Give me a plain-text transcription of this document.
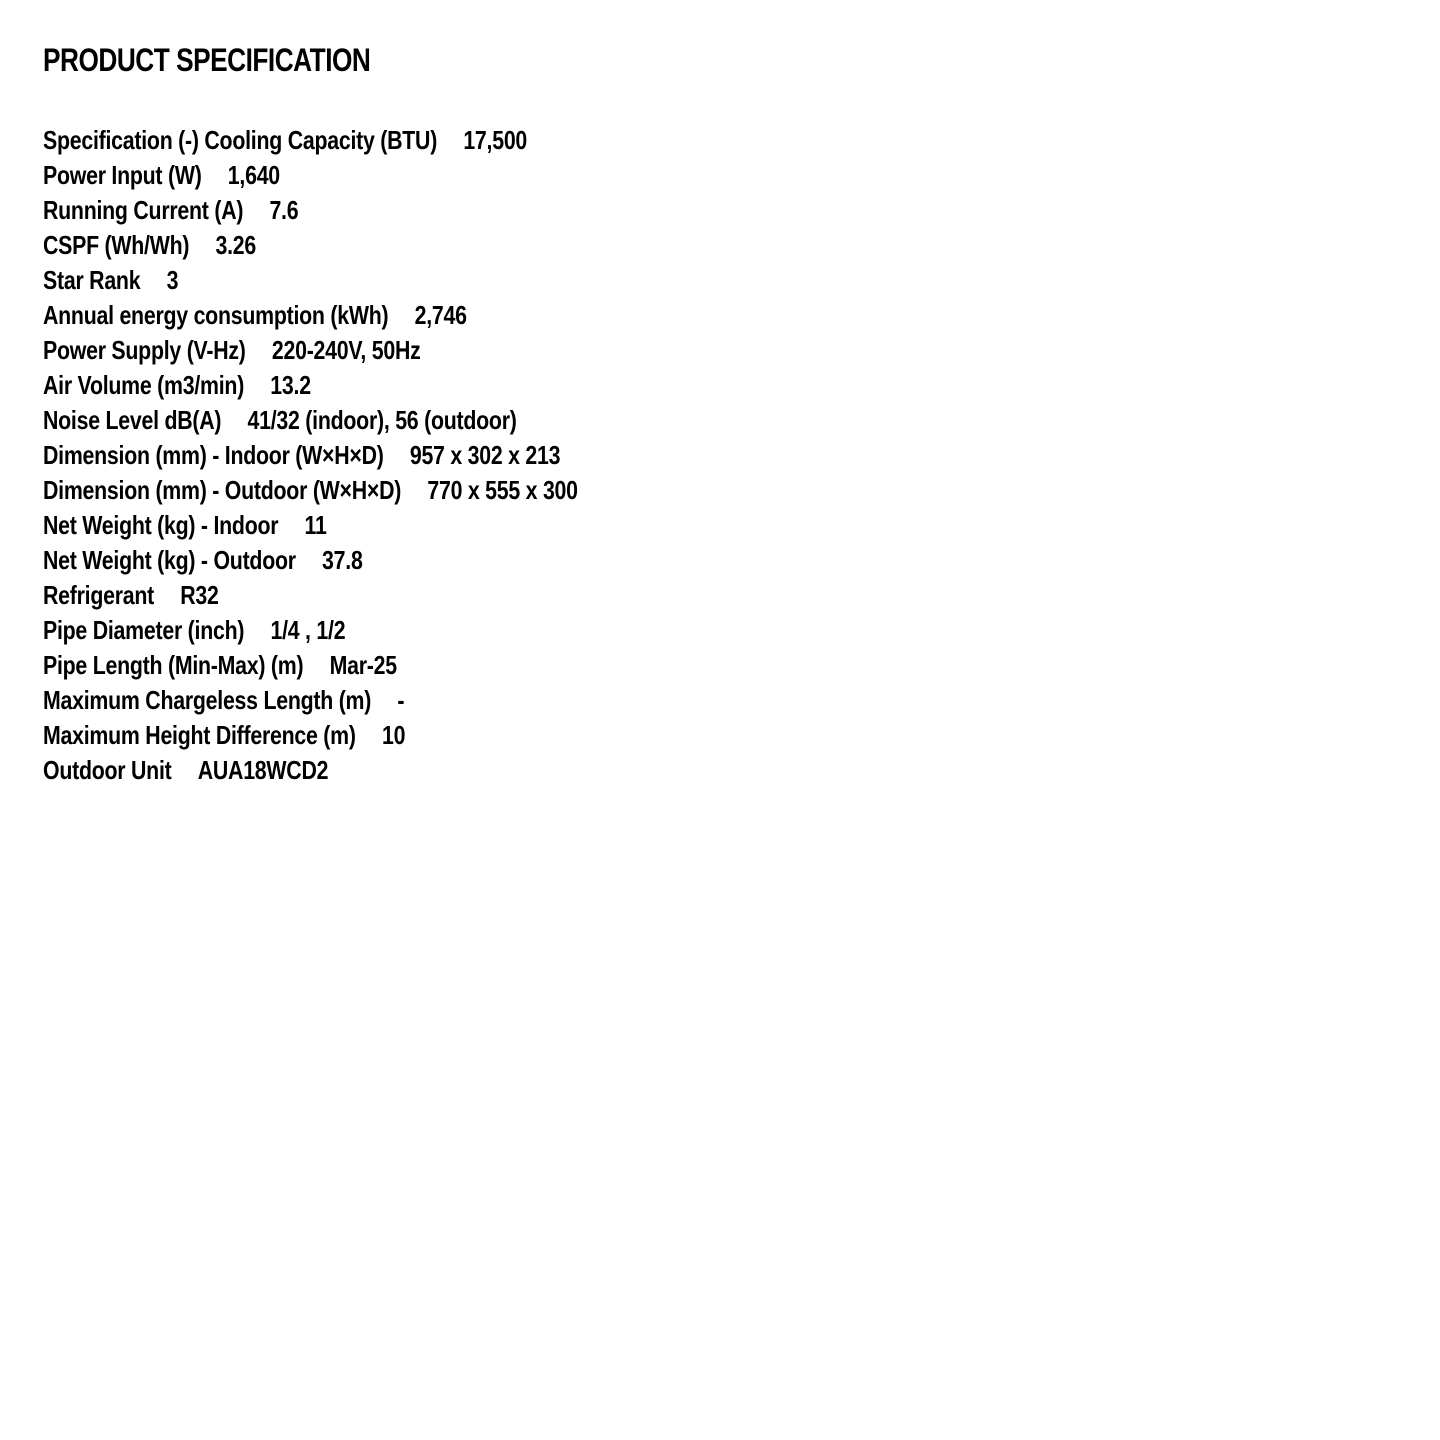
PRODUCT SPECIFICATION
Specification (-) Cooling Capacity (BTU) 17,500
Power Input (W) 1,640
Running Current (A) 7.6
CSPF (Wh/Wh) 3.26
Star Rank 3
Annual energy consumption (kWh) 2,746
Power Supply (V-Hz) 220-240V, 50Hz
Air Volume (m3/min) 13.2
Noise Level dB(A) 41/32 (indoor), 56 (outdoor)
Dimension (mm) - Indoor (W×H×D) 957 x 302 x 213
Dimension (mm) - Outdoor (W×H×D) 770 x 555 x 300
Net Weight (kg) - Indoor 11
Net Weight (kg) - Outdoor 37.8
Refrigerant R32
Pipe Diameter (inch) 1/4 , 1/2
Pipe Length (Min-Max) (m) Mar-25
Maximum Chargeless Length (m) -
Maximum Height Difference (m) 10
Outdoor Unit AUA18WCD2
